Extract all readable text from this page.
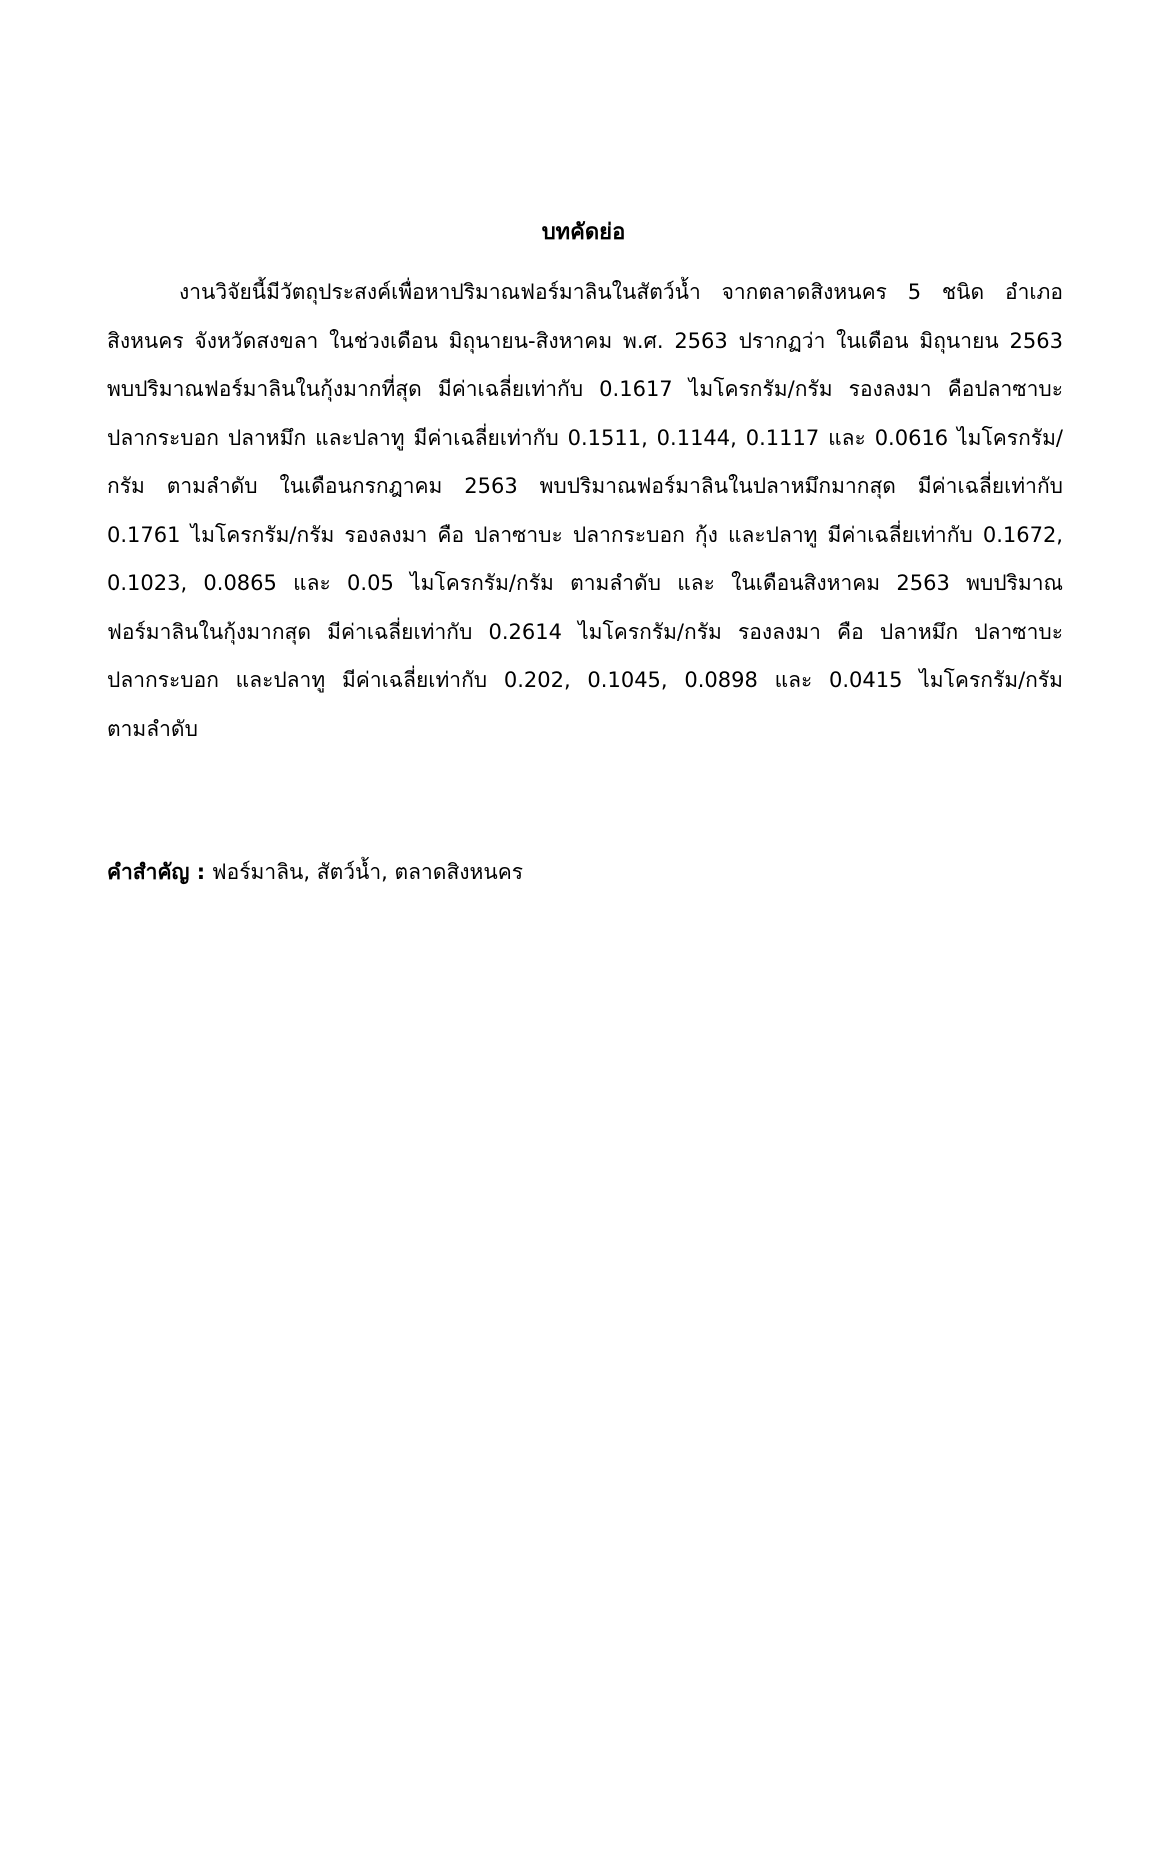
บทคัดย่อ
งานวิจัยนี้มีวัตถุประสงค์เพื่อหาปริมาณฟอร์มาลินในสัตว์น้ำ จากตลาดสิงหนคร 5 ชนิด อำเภอ
สิงหนคร จังหวัดสงขลา ในช่วงเดือน มิถุนายน-สิงหาคม พ.ศ. 2563 ปรากฏว่า ในเดือน มิถุนายน 2563
พบปริมาณฟอร์มาลินในกุ้งมากที่สุด มีค่าเฉลี่ยเท่ากับ 0.1617 ไมโครกรัม/กรัม รองลงมา คือปลาซาบะ
ปลากระบอก ปลาหมึก และปลาทู มีค่าเฉลี่ยเท่ากับ 0.1511, 0.1144, 0.1117 และ 0.0616 ไมโครกรัม/
กรัม ตามลำดับ ในเดือนกรกฎาคม 2563 พบปริมาณฟอร์มาลินในปลาหมึกมากสุด มีค่าเฉลี่ยเท่ากับ
0.1761 ไมโครกรัม/กรัม รองลงมา คือ ปลาซาบะ ปลากระบอก กุ้ง และปลาทู มีค่าเฉลี่ยเท่ากับ 0.1672,
0.1023, 0.0865 และ 0.05 ไมโครกรัม/กรัม ตามลำดับ และ ในเดือนสิงหาคม 2563 พบปริมาณ
ฟอร์มาลินในกุ้งมากสุด มีค่าเฉลี่ยเท่ากับ 0.2614 ไมโครกรัม/กรัม รองลงมา คือ ปลาหมึก ปลาซาบะ
ปลากระบอก และปลาทู มีค่าเฉลี่ยเท่ากับ 0.202, 0.1045, 0.0898 และ 0.0415 ไมโครกรัม/กรัม
ตามลำดับ
คำสำคัญ : ฟอร์มาลิน, สัตว์น้ำ, ตลาดสิงหนคร
